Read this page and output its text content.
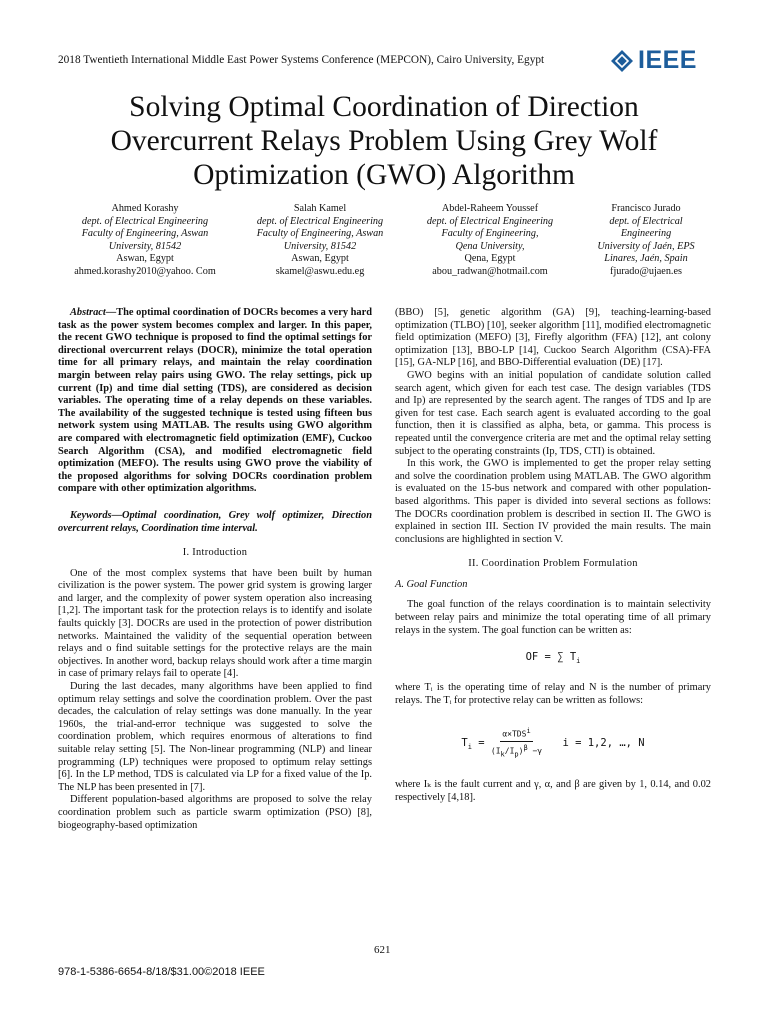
2018 Twentieth International Middle East Power Systems Conference (MEPCON), Cairo University, Egypt	IEEE
Solving Optimal Coordination of Direction
Overcurrent Relays Problem Using Grey Wolf
Optimization (GWO) Algorithm
Ahmed Korashy
dept. of Electrical Engineering
Faculty of Engineering, Aswan
University, 81542
Aswan, Egypt
ahmed.korashy2010@yahoo. Com
Salah Kamel
dept. of Electrical Engineering
Faculty of Engineering, Aswan
University, 81542
Aswan, Egypt
skamel@aswu.edu.eg
Abdel-Raheem Youssef
dept. of Electrical Engineering
Faculty of Engineering,
Qena University,
Qena, Egypt
abou_radwan@hotmail.com
Francisco Jurado
dept. of Electrical
Engineering
University of Jaén, EPS
Linares, Jaén, Spain
fjurado@ujaen.es

Abstract—The optimal coordination of DOCRs becomes a very hard task as the power system becomes complex and larger. In this paper, the recent GWO technique is proposed to find the optimal settings for directional overcurrent relays (DOCR), minimize the total operation time for all primary relays, and maintain the relay coordination margin between relay pairs using GWO. The relay settings, pick up current (Ip) and time dial setting (TDS), are considered as decision variables. The operating time of a relay depends on these variables. The availability of the suggested technique is tested using fifteen bus network system using MATLAB. The results using GWO algorithm are compared with electromagnetic field optimization (EMF), Cuckoo Search Algorithm (CSA), and modified electromagnetic field optimization (MEFO). The results using GWO prove the viability of the proposed algorithms for solving DOCRs coordination problem compare with other optimization algorithms.

Keywords—Optimal coordination, Grey wolf optimizer, Direction overcurrent relays, Coordination time interval.

I. Introduction

One of the most complex systems that have been built by human civilization is the power system. The power grid system is growing larger and larger, and the complexity of power system operation also increasing [1,2]. The important task for the protection relays is to identify and isolate faults quickly [3]. DOCRs are used in the protection of power distribution networks. Maintained the validity of the sequential operation between relays and o find suitable settings for the protective relays are the main objectives. In another word, backup relays should work after a time margin in case of primary relays fail to operate [4].

During the last decades, many algorithms have been applied to find optimum relay settings and solve the coordination problem. Over the past decades, the calculation of relay settings was done manually. In the year 1960s, the trial-and-error technique was suggested to solve the coordination problem, which requires enormous of alterations to find suitable relay setting [5]. The Non-linear programming (NLP) and linear programming (LP) techniques were proposed to optimum relay settings [6]. In the LP method, TDS is calculated via LP for a fixed value of the Ip. The NLP has been presented in [7].

Different population-based algorithms are proposed to solve the relay coordination problem such as particle swarm optimization (PSO) [8], biogeography-based optimization

(BBO) [5], genetic algorithm (GA) [9], teaching-learning-based optimization (TLBO) [10], seeker algorithm [11], modified electromagnetic field optimization (MEFO) [3], Firefly algorithm (FFA) [12], ant colony optimization [13], BBO-LP [14], Cuckoo Search Algorithm (CSA)-FFA [15], GA-NLP [16], and BBO-Differential evaluation (DE) [17].

GWO begins with an initial population of candidate solution called search agent, which given for each test case. The design variables (TDS and Ip) are represented by the search agent. The ranges of TDS and Ip are given for test case. Each search agent is evaluated according to the goal function, then it is classified as alpha, beta, or gamma. This process is repeated until the convergence criteria are met and the optimal relay setting subject to the operating constraints (Ip, TDS, CTI) is obtained.

In this work, the GWO is implemented to get the proper relay setting and solve the coordination problem using MATLAB. The GWO algorithm is evaluated on the 15-bus network and compared with other population-based algorithms. This paper is divided into several sections as follows: The DOCRs coordination problem is described in section II. The GWO is explained in section III. Section IV provided the main results. The main conclusions are highlighted in section V.

II. Coordination Problem Formulation

A. Goal Function

The goal function of the relays coordination is to maintain selectivity between relay pairs and minimize the total operating time of all primary relays in the system. The goal function can be written as:

OF = ∑ $T_i$

where Tᵢ is the operating time of relay and N is the number of primary relays. The Tᵢ for protective relay can be written as follows:

$T_i = \frac{\alpha\times TDS^i}{(I_k/I_p)^\beta -\gamma}$ i = 1,2, …, N

where Iₖ is the fault current and γ, α, and β are given by 1, 0.14, and 0.02 respectively [4,18].

621
978-1-5386-6654-8/18/$31.00©2018 IEEE
